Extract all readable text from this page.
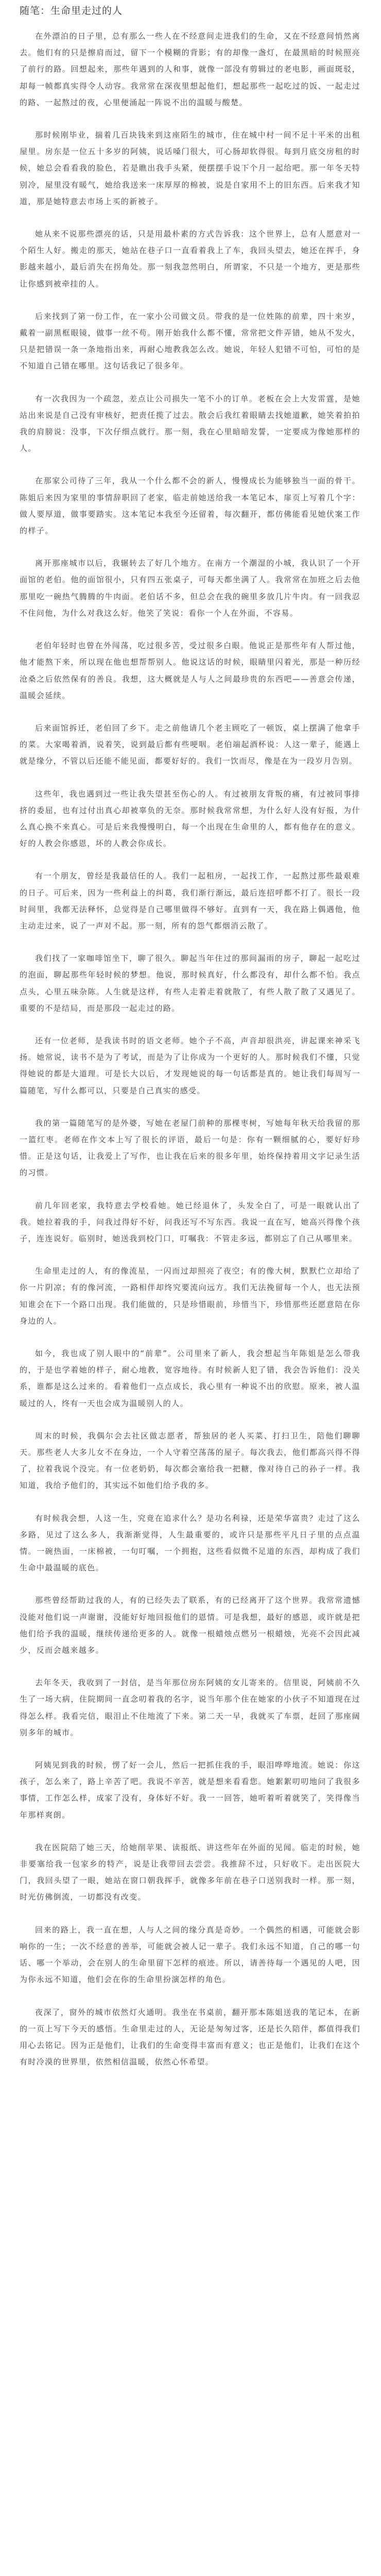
随笔：生命里走过的人

在外漂泊的日子里，总有那么一些人在不经意间走进我们的生命，又在不经意间悄然离去。他们有的只是擦肩而过，留下一个模糊的背影；有的却像一盏灯，在最黑暗的时候照亮了前行的路。回想起来，那些年遇到的人和事，就像一部没有剪辑过的老电影，画面斑驳，却每一帧都真实得令人动容。我常常在深夜里想起他们，想起那些一起吃过的饭、一起走过的路、一起熬过的夜，心里便涌起一阵说不出的温暖与酸楚。

那时候刚毕业，揣着几百块钱来到这座陌生的城市，住在城中村一间不足十平米的出租屋里。房东是一位五十多岁的阿姨，说话嗓门很大，可心肠却软得很。每到月底交房租的时候，她总会看看我的脸色，若是瞧出我手头紧，便摆摆手说下个月一起给吧。那一年冬天特别冷，屋里没有暖气，她给我送来一床厚厚的棉被，说是自家用不上的旧东西。后来我才知道，那是她特意去市场上买的新被子。

她从来不说那些漂亮的话，只是用最朴素的方式告诉我：这个世界上，总有人愿意对一个陌生人好。搬走的那天，她站在巷子口一直看着我上了车，我回头望去，她还在挥手，身影越来越小，最后消失在拐角处。那一刻我忽然明白，所谓家，不只是一个地方，更是那些让你感到被牵挂的人。

后来找到了第一份工作，在一家小公司做文员。带我的是一位姓陈的前辈，四十来岁，戴着一副黑框眼镜，做事一丝不苟。刚开始我什么都不懂，常常把文件弄错，她从不发火，只是把错误一条一条地指出来，再耐心地教我怎么改。她说，年轻人犯错不可怕，可怕的是不知道自己错在哪里。这句话我记了很多年。

有一次我因为一个疏忽，差点让公司损失一笔不小的订单。老板在会上大发雷霆，是她站出来说是自己没有审核好，把责任揽了过去。散会后我红着眼睛去找她道歉，她笑着拍拍我的肩膀说：没事，下次仔细点就行。那一刻，我在心里暗暗发誓，一定要成为像她那样的人。

在那家公司待了三年，我从一个什么都不会的新人，慢慢成长为能够独当一面的骨干。陈姐后来因为家里的事情辞职回了老家，临走前她送给我一本笔记本，扉页上写着几个字：做人要厚道，做事要踏实。这本笔记本我至今还留着，每次翻开，都仿佛能看见她伏案工作的样子。

离开那座城市以后，我辗转去了好几个地方。在南方一个潮湿的小城，我认识了一个开面馆的老伯。他的面馆很小，只有四五张桌子，可每天都坐满了人。我常常在加班之后去他那里吃一碗热气腾腾的牛肉面。老伯话不多，但总会在我的碗里多放几片牛肉。有一回我忍不住问他，为什么对我这么好。他笑了笑说：看你一个人在外面，不容易。

老伯年轻时也曾在外闯荡，吃过很多苦，受过很多白眼。他说正是那些年有人帮过他，他才能熬下来，所以现在他也想帮帮别人。他说这话的时候，眼睛里闪着光，那是一种历经沧桑之后依然保有的善良。我想，这大概就是人与人之间最珍贵的东西吧——善意会传递，温暖会延续。

后来面馆拆迁，老伯回了乡下。走之前他请几个老主顾吃了一顿饭，桌上摆满了他拿手的菜。大家喝着酒，说着笑，说到最后都有些哽咽。老伯端起酒杯说：人这一辈子，能遇上就是缘分，不管以后还能不能见面，都要好好的。我们一饮而尽，像是在为一段岁月告别。

这些年，我也遇到过一些让我失望甚至伤心的人。有过被朋友背叛的痛，有过被同事排挤的委屈，也有过付出真心却被辜负的无奈。那时候我常常想，为什么好人没有好报，为什么真心换不来真心。可是后来我慢慢明白，每一个出现在生命里的人，都有他存在的意义。好的人教会你感恩，坏的人教会你成长。

有一个朋友，曾经是我最信任的人。我们一起租房，一起找工作，一起熬过那些最艰难的日子。可后来，因为一些利益上的纠葛，我们渐行渐远，最后连招呼都不打了。很长一段时间里，我都无法释怀，总觉得是自己哪里做得不够好。直到有一天，我在路上偶遇他，他主动走过来，说了一声对不起。那一刻，所有的怨气都烟消云散了。

我们找了一家咖啡馆坐下，聊了很久。聊起当年住过的那间漏雨的房子，聊起一起吃过的泡面，聊起那些年轻时候的梦想。他说，那时候真好，什么都没有，却什么都不怕。我点点头，心里五味杂陈。人生就是这样，有些人走着走着就散了，有些人散了散了又遇见了。重要的不是结局，而是那段一起走过的路。

还有一位老师，是我读书时的语文老师。她个子不高，声音却很洪亮，讲起课来神采飞扬。她常说，读书不是为了考试，而是为了让你成为一个更好的人。那时候我们不懂，只觉得她说的都是大道理。可是长大以后，才发现她说的每一句话都是真的。她让我们每周写一篇随笔，写什么都可以，只要是自己真实的感受。

我的第一篇随笔写的是外婆，写她在老屋门前种的那棵枣树，写她每年秋天给我留的那一篮红枣。老师在作文本上写了很长的评语，最后一句是：你有一颗细腻的心，要好好珍惜。正是这句话，让我爱上了写作，也让我在后来的很多年里，始终保持着用文字记录生活的习惯。

前几年回老家，我特意去学校看她。她已经退休了，头发全白了，可是一眼就认出了我。她拉着我的手，问我过得好不好，问我还写不写东西。我说一直在写，她高兴得像个孩子，连连说好。临别时，她送我到校门口，叮嘱我：不管走多远，都别忘了自己从哪里来。

生命里走过的人，有的像流星，一闪而过却照亮了夜空；有的像大树，默默伫立却给了你一片阴凉；有的像河流，一路相伴却终究要流向远方。我们无法挽留每一个人，也无法预知谁会在下一个路口出现。我们能做的，只是珍惜眼前，珍惜当下，珍惜那些还愿意陪在你身边的人。

如今，我也成了别人眼中的“前辈”。公司里来了新人，我会想起当年陈姐是怎么带我的，于是也学着她的样子，耐心地教，宽容地待。有时候新人犯了错，我会告诉他们：没关系，谁都是这么过来的。看着他们一点点成长，我心里有一种说不出的欣慰。原来，被人温暖过的人，终有一天也会成为温暖别人的人。

周末的时候，我偶尔会去社区做志愿者，帮独居的老人买菜、打扫卫生，陪他们聊聊天。那些老人大多儿女不在身边，一个人守着空荡荡的屋子。每次我去，他们都高兴得不得了，拉着我说个没完。有一位老奶奶，每次都会塞给我一把糖，像对待自己的孙子一样。我知道，我给予他们的，其实远不如他们给予我的多。

有时候我会想，人这一生，究竟在追求什么？是功名利禄，还是荣华富贵？走过了这么多路，见过了这么多人，我渐渐觉得，人生最重要的，或许只是那些平凡日子里的点点温情。一碗热面，一床棉被，一句叮嘱，一个拥抱，这些看似微不足道的东西，却构成了我们生命中最温暖的底色。

那些曾经帮助过我的人，有的已经失去了联系，有的已经离开了这个世界。我常常遗憾没能对他们说一声谢谢，没能好好地回报他们的恩情。可是我想，最好的感恩，或许就是把他们给予我的温暖，继续传递给更多的人。就像一根蜡烛点燃另一根蜡烛，光亮不会因此减少，反而会越来越多。

去年冬天，我收到了一封信，是当年那位房东阿姨的女儿寄来的。信里说，阿姨前不久生了一场大病，住院期间一直念叨着我的名字，说当年那个住在她家的小伙子不知道现在过得怎么样。我看完信，眼泪止不住地流了下来。第二天一早，我就买了车票，赶回了那座阔别多年的城市。

阿姨见到我的时候，愣了好一会儿，然后一把抓住我的手，眼泪哗哗地流。她说：你这孩子，怎么来了，路上辛苦了吧。我说不辛苦，就是想来看看您。她絮絮叨叨地问了我很多事情，工作怎么样，成家了没有，身体好不好。我一一回答，她听着听着就笑了，笑得像当年那样爽朗。

我在医院陪了她三天，给她削苹果、读报纸、讲这些年在外面的见闻。临走的时候，她非要塞给我一包家乡的特产，说是让我带回去尝尝。我推辞不过，只好收下。走出医院大门，我回头望了一眼，她站在窗口朝我挥手，就像多年前在巷子口送别我时一样。那一刻，时光仿佛倒流，一切都没有改变。

回来的路上，我一直在想，人与人之间的缘分真是奇妙。一个偶然的相遇，可能就会影响你的一生；一次不经意的善举，可能就会被人记一辈子。我们永远不知道，自己的哪一句话、哪一个举动，会在别人的生命里留下怎样的痕迹。所以，请善待每一个遇见的人吧，因为你永远不知道，他们会在你的生命里扮演怎样的角色。

夜深了，窗外的城市依然灯火通明。我坐在书桌前，翻开那本陈姐送我的笔记本，在新的一页上写下今天的感悟。生命里走过的人，无论是匆匆过客，还是长久陪伴，都值得我们用心去铭记。因为正是他们，让我们的生命变得丰富而有意义；也正是他们，让我们在这个有时冷漠的世界里，依然相信温暖，依然心怀希望。
